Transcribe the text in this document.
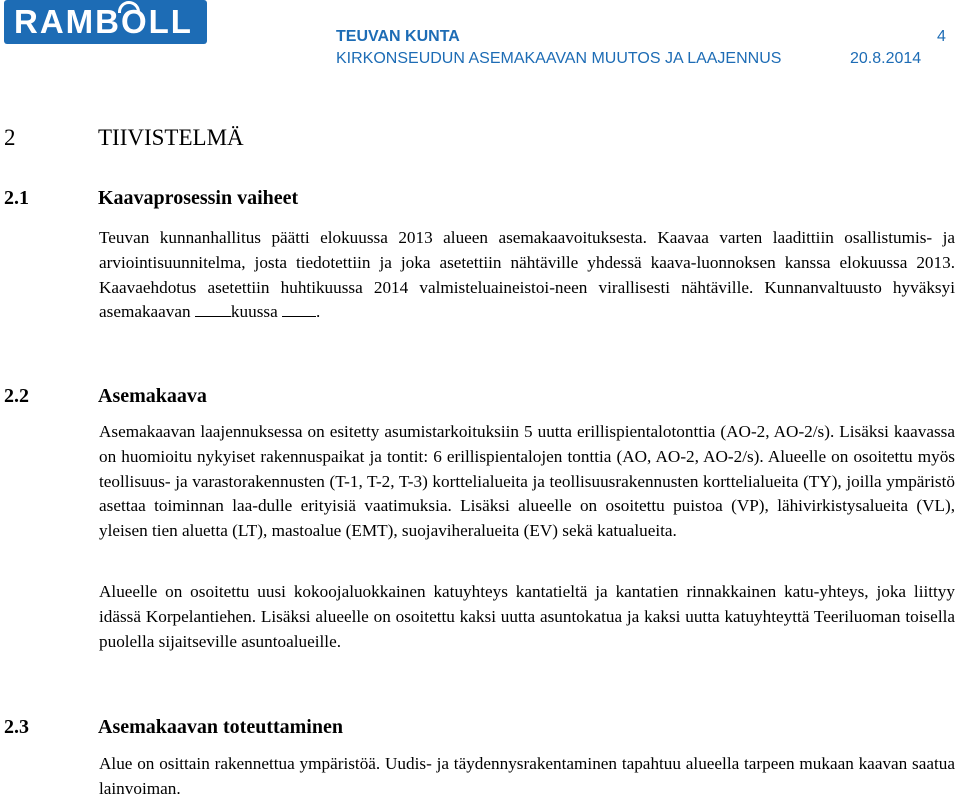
RAMBOLL	TEUVAN KUNTA
KIRKONSEUDUN ASEMAKAAVAN MUUTOS JA LAAJENNUS
4
20.8.2014
2	TIIVISTELMÄ
2.1	Kaavaprosessin vaiheet
Teuvan kunnanhallitus päätti elokuussa 2013 alueen asemakaavoituksesta. Kaavaa varten laadittiin osallistumis- ja arviointisuunnitelma, josta tiedotettiin ja joka asetettiin nähtäville yhdessä kaava-luonnoksen kanssa elokuussa 2013. Kaavaehdotus asetettiin huhtikuussa 2014 valmisteluaineistoi-neen virallisesti nähtäville. Kunnanvaltuusto hyväksyi asemakaavan kuussa .
2.2	Asemakaava
Asemakaavan laajennuksessa on esitetty asumistarkoituksiin 5 uutta erillispientalotonttia (AO-2, AO-2/s). Lisäksi kaavassa on huomioitu nykyiset rakennuspaikat ja tontit: 6 erillispientalojen tonttia (AO, AO-2, AO-2/s). Alueelle on osoitettu myös teollisuus- ja varastorakennusten (T-1, T-2, T-3) korttelialueita ja teollisuusrakennusten korttelialueita (TY), joilla ympäristö asettaa toiminnan laa-dulle erityisiä vaatimuksia. Lisäksi alueelle on osoitettu puistoa (VP), lähivirkistysalueita (VL), yleisen tien aluetta (LT), mastoalue (EMT), suojaviheralueita (EV) sekä katualueita.
Alueelle on osoitettu uusi kokoojaluokkainen katuyhteys kantatieltä ja kantatien rinnakkainen katu-yhteys, joka liittyy idässä Korpelantiehen. Lisäksi alueelle on osoitettu kaksi uutta asuntokatua ja kaksi uutta katuyhteyttä Teeriluoman toisella puolella sijaitseville asuntoalueille.
2.3	Asemakaavan toteuttaminen
Alue on osittain rakennettua ympäristöä. Uudis- ja täydennysrakentaminen tapahtuu alueella tarpeen mukaan kaavan saatua lainvoiman.
